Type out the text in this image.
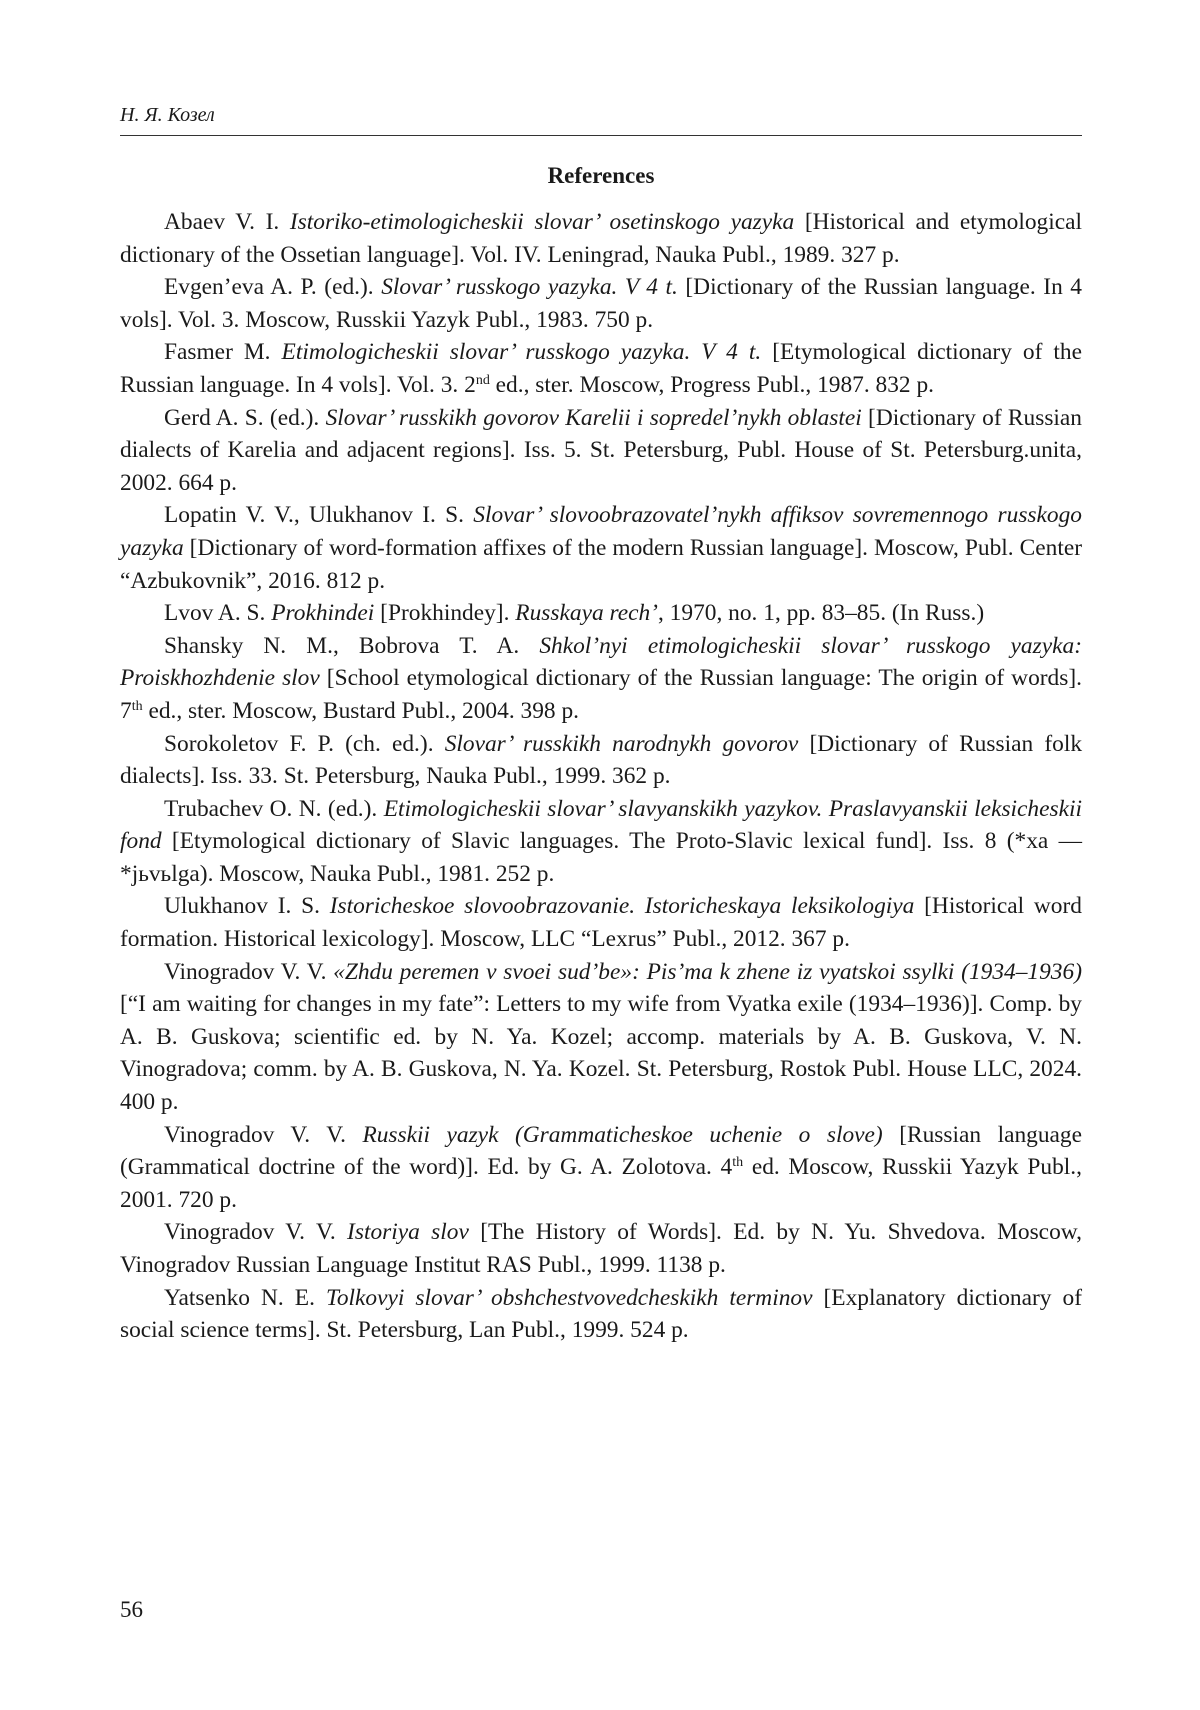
Н. Я. Козел
References

Abaev V. I. Istoriko-etimologicheskii slovar’ osetinskogo yazyka [Historical and etymological dictionary of the Ossetian language]. Vol. IV. Leningrad, Nauka Publ., 1989. 327 p.

Evgen’eva A. P. (ed.). Slovar’ russkogo yazyka. V 4 t. [Dictionary of the Russian language. In 4 vols]. Vol. 3. Moscow, Russkii Yazyk Publ., 1983. 750 p.

Fasmer M. Etimologicheskii slovar’ russkogo yazyka. V 4 t. [Etymological dictionary of the Russian language. In 4 vols]. Vol. 3. 2nd ed., ster. Moscow, Progress Publ., 1987. 832 p.

Gerd A. S. (ed.). Slovar’ russkikh govorov Karelii i sopredel’nykh oblastei [Dictionary of Russian dialects of Karelia and adjacent regions]. Iss. 5. St. Petersburg, Publ. House of St. Petersburg.unita, 2002. 664 p.

Lopatin V. V., Ulukhanov I. S. Slovar’ slovoobrazovatel’nykh affiksov sovremennogo russkogo yazyka [Dictionary of word-formation affixes of the modern Russian language]. Moscow, Publ. Center “Azbukovnik”, 2016. 812 p.

Lvov A. S. Prokhindei [Prokhindey]. Russkaya rech’, 1970, no. 1, pp. 83–85. (In Russ.)

Shansky N. M., Bobrova T. A. Shkol’nyi etimologicheskii slovar’ russkogo yazyka: Proiskhozhdenie slov [School etymological dictionary of the Russian language: The origin of words]. 7th ed., ster. Moscow, Bustard Publ., 2004. 398 p.

Sorokoletov F. P. (ch. ed.). Slovar’ russkikh narodnykh govorov [Dictionary of Russian folk dialects]. Iss. 33. St. Petersburg, Nauka Publ., 1999. 362 p.

Trubachev O. N. (ed.). Etimologicheskii slovar’ slavyanskikh yazykov. Praslavyanskii leksicheskii fond [Etymological dictionary of Slavic languages. The Proto-Slavic lexical fund]. Iss. 8 (*xa — *jьvьlga). Moscow, Nauka Publ., 1981. 252 p.

Ulukhanov I. S. Istoricheskoe slovoobrazovanie. Istoricheskaya leksikologiya [Historical word formation. Historical lexicology]. Moscow, LLC “Lexrus” Publ., 2012. 367 p.

Vinogradov V. V. «Zhdu peremen v svoei sud’be»: Pis’ma k zhene iz vyatskoi ssylki (1934–1936) [“I am waiting for changes in my fate”: Letters to my wife from Vyatka exile (1934–1936)]. Comp. by A. B. Guskova; scientific ed. by N. Ya. Kozel; accomp. materials by A. B. Guskova, V. N. Vinogradova; comm. by A. B. Guskova, N. Ya. Kozel. St. Petersburg, Rostok Publ. House LLC, 2024. 400 p.

Vinogradov V. V. Russkii yazyk (Grammaticheskoe uchenie o slove) [Russian language (Grammatical doctrine of the word)]. Ed. by G. A. Zolotova. 4th ed. Moscow, Russkii Yazyk Publ., 2001. 720 p.

Vinogradov V. V. Istoriya slov [The History of Words]. Ed. by N. Yu. Shvedova. Moscow, Vinogradov Russian Language Institut RAS Publ., 1999. 1138 p.

Yatsenko N. E. Tolkovyi slovar’ obshchestvovedcheskikh terminov [Explanatory dictionary of social science terms]. St. Petersburg, Lan Publ., 1999. 524 p.

56
